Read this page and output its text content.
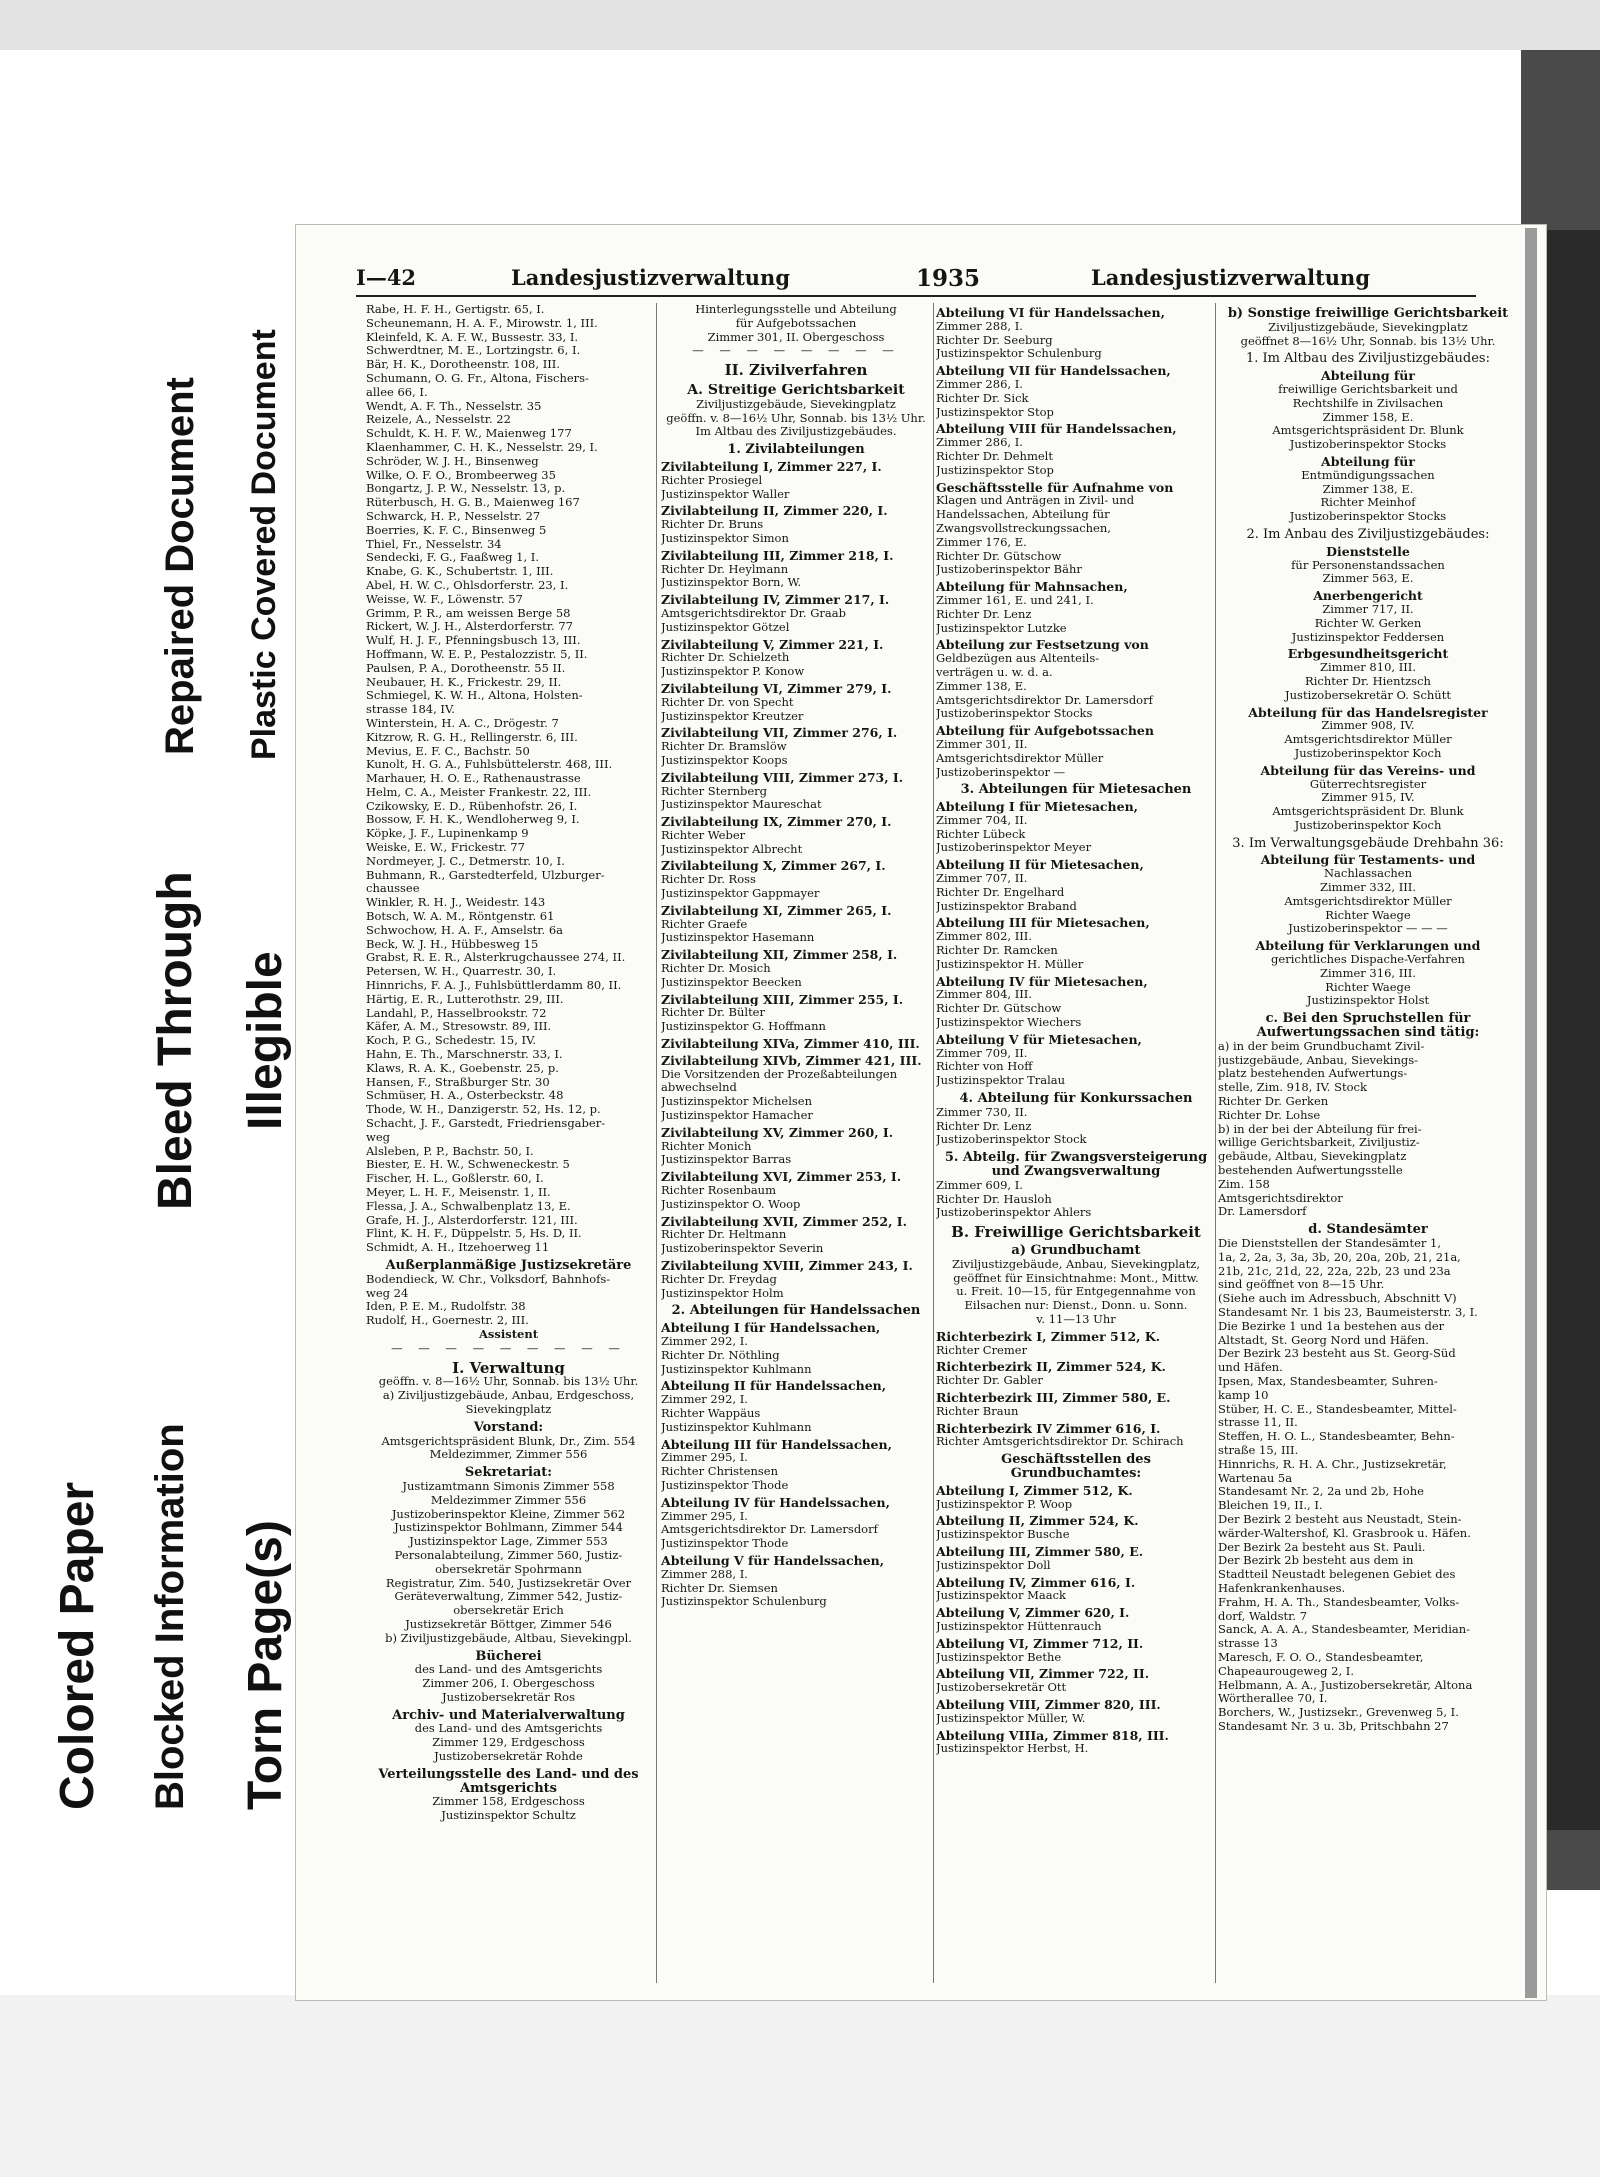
Colored Paper Blocked Information Torn Page(s)
Bleed Through Illegible
Repaired Document Plastic Covered Document
I—42	Landesjustizverwaltung	1935	Landesjustizverwaltung
Rabe, H. F. H., Gertigstr. 65, I.
Scheunemann, H. A. F., Mirowstr. 1, III.
Kleinfeld, K. A. F. W., Bussestr. 33, I.
Schwerdtner, M. E., Lortzingstr. 6, I.
Bär, H. K., Dorotheenstr. 108, III.
Schumann, O. G. Fr., Altona, Fischers-
allee 66, I.
Wendt, A. F. Th., Nesselstr. 35
Reizele, A., Nesselstr. 22
Schuldt, K. H. F. W., Maienweg 177
Klaenhammer, C. H. K., Nesselstr. 29, I.
Schröder, W. J. H., Binsenweg
Wilke, O. F. O., Brombeerweg 35
Bongartz, J. P. W., Nesselstr. 13, p.
Rüterbusch, H. G. B., Maienweg 167
Schwarck, H. P., Nesselstr. 27
Boerries, K. F. C., Binsenweg 5
Thiel, Fr., Nesselstr. 34
Sendecki, F. G., Faaßweg 1, I.
Knabe, G. K., Schubertstr. 1, III.
Abel, H. W. C., Ohlsdorferstr. 23, I.
Weisse, W. F., Löwenstr. 57
Grimm, P. R., am weissen Berge 58
Rickert, W. J. H., Alsterdorferstr. 77
Wulf, H. J. F., Pfenningsbusch 13, III.
Hoffmann, W. E. P., Pestalozzistr. 5, II.
Paulsen, P. A., Dorotheenstr. 55 II.
Neubauer, H. K., Frickestr. 29, II.
Schmiegel, K. W. H., Altona, Holsten-
strasse 184, IV.
Winterstein, H. A. C., Drögestr. 7
Kitzrow, R. G. H., Rellingerstr. 6, III.
Mevius, E. F. C., Bachstr. 50
Kunolt, H. G. A., Fuhlsbüttelerstr. 468, III.
Marhauer, H. O. E., Rathenaustrasse
Helm, C. A., Meister Frankestr. 22, III.
Czikowsky, E. D., Rübenhofstr. 26, I.
Bossow, F. H. K., Wendloherweg 9, I.
Köpke, J. F., Lupinenkamp 9
Weiske, E. W., Frickestr. 77
Nordmeyer, J. C., Detmerstr. 10, I.
Buhmann, R., Garstedterfeld, Ulzburger-
chaussee
Winkler, R. H. J., Weidestr. 143
Botsch, W. A. M., Röntgenstr. 61
Schwochow, H. A. F., Amselstr. 6a
Beck, W. J. H., Hübbesweg 15
Grabst, R. E. R., Alsterkrugchaussee 274, II.
Petersen, W. H., Quarrestr. 30, I.
Hinnrichs, F. A. J., Fuhlsbüttlerdamm 80, II.
Härtig, E. R., Lutterothstr. 29, III.
Landahl, P., Hasselbrookstr. 72
Käfer, A. M., Stresowstr. 89, III.
Koch, P. G., Schedestr. 15, IV.
Hahn, E. Th., Marschnerstr. 33, I.
Klaws, R. A. K., Goebenstr. 25, p.
Hansen, F., Straßburger Str. 30
Schmüser, H. A., Osterbeckstr. 48
Thode, W. H., Danzigerstr. 52, Hs. 12, p.
Schacht, J. F., Garstedt, Friedriensgaber-
weg
Alsleben, P. P., Bachstr. 50, I.
Biester, E. H. W., Schweneckestr. 5
Fischer, H. L., Goßlerstr. 60, I.
Meyer, L. H. F., Meisenstr. 1, II.
Flessa, J. A., Schwalbenplatz 13, E.
Grafe, H. J., Alsterdorferstr. 121, III.
Flint, K. H. F., Düppelstr. 5, Hs. D, II.
Schmidt, A. H., Itzehoerweg 11
Außerplanmäßige Justizsekretäre
Bodendieck, W. Chr., Volksdorf, Bahnhofs-
weg 24
Iden, P. E. M., Rudolfstr. 38
Rudolf, H., Goernestr. 2, III.
Assistent
— — — — — — — — —
I. Verwaltung
geöffn. v. 8—16½ Uhr, Sonnab. bis 13½ Uhr.
a) Ziviljustizgebäude, Anbau, Erdgeschoss,
Sievekingplatz
Vorstand:
Amtsgerichtspräsident Blunk, Dr., Zim. 554
Meldezimmer, Zimmer 556
Sekretariat:
Justizamtmann Simonis Zimmer 558
Meldezimmer Zimmer 556
Justizoberinspektor Kleine, Zimmer 562
Justizinspektor Bohlmann, Zimmer 544
Justizinspektor Lage, Zimmer 553
Personalabteilung, Zimmer 560, Justiz-
obersekretär Spohrmann
Registratur, Zim. 540, Justizsekretär Over
Geräteverwaltung, Zimmer 542, Justiz-
obersekretär Erich
Justizsekretär Böttger, Zimmer 546
b) Ziviljustizgebäude, Altbau, Sievekingpl.
Bücherei
des Land- und des Amtsgerichts
Zimmer 206, I. Obergeschoss
Justizobersekretär Ros
Archiv- und Materialverwaltung
des Land- und des Amtsgerichts
Zimmer 129, Erdgeschoss
Justizobersekretär Rohde
Verteilungsstelle des Land- und des Amtsgerichts
Zimmer 158, Erdgeschoss
Justizinspektor Schultz
Hinterlegungsstelle und Abteilung
für Aufgebotssachen
Zimmer 301, II. Obergeschoss
— — — — — — — —
II. Zivilverfahren
A. Streitige Gerichtsbarkeit
Ziviljustizgebäude, Sievekingplatz
geöffn. v. 8—16½ Uhr, Sonnab. bis 13½ Uhr.
Im Altbau des Ziviljustizgebäudes.
1. Zivilabteilungen
Zivilabteilung I, Zimmer 227, I.
Richter Prosiegel
Justizinspektor Waller
Zivilabteilung II, Zimmer 220, I.
Richter Dr. Bruns
Justizinspektor Simon
Zivilabteilung III, Zimmer 218, I.
Richter Dr. Heylmann
Justizinspektor Born, W.
Zivilabteilung IV, Zimmer 217, I.
Amtsgerichtsdirektor Dr. Graab
Justizinspektor Götzel
Zivilabteilung V, Zimmer 221, I.
Richter Dr. Schielzeth
Justizinspektor P. Konow
Zivilabteilung VI, Zimmer 279, I.
Richter Dr. von Specht
Justizinspektor Kreutzer
Zivilabteilung VII, Zimmer 276, I.
Richter Dr. Bramslöw
Justizinspektor Koops
Zivilabteilung VIII, Zimmer 273, I.
Richter Sternberg
Justizinspektor Maureschat
Zivilabteilung IX, Zimmer 270, I.
Richter Weber
Justizinspektor Albrecht
Zivilabteilung X, Zimmer 267, I.
Richter Dr. Ross
Justizinspektor Gappmayer
Zivilabteilung XI, Zimmer 265, I.
Richter Graefe
Justizinspektor Hasemann
Zivilabteilung XII, Zimmer 258, I.
Richter Dr. Mosich
Justizinspektor Beecken
Zivilabteilung XIII, Zimmer 255, I.
Richter Dr. Bülter
Justizinspektor G. Hoffmann
Zivilabteilung XIVa, Zimmer 410, III.
Zivilabteilung XIVb, Zimmer 421, III.
Die Vorsitzenden der Prozeßabteilungen
abwechselnd
Justizinspektor Michelsen
Justizinspektor Hamacher
Zivilabteilung XV, Zimmer 260, I.
Richter Monich
Justizinspektor Barras
Zivilabteilung XVI, Zimmer 253, I.
Richter Rosenbaum
Justizinspektor O. Woop
Zivilabteilung XVII, Zimmer 252, I.
Richter Dr. Heltmann
Justizoberinspektor Severin
Zivilabteilung XVIII, Zimmer 243, I.
Richter Dr. Freydag
Justizinspektor Holm
2. Abteilungen für Handelssachen
Abteilung I für Handelssachen,
Zimmer 292, I.
Richter Dr. Nöthling
Justizinspektor Kuhlmann
Abteilung II für Handelssachen,
Zimmer 292, I.
Richter Wappäus
Justizinspektor Kuhlmann
Abteilung III für Handelssachen,
Zimmer 295, I.
Richter Christensen
Justizinspektor Thode
Abteilung IV für Handelssachen,
Zimmer 295, I.
Amtsgerichtsdirektor Dr. Lamersdorf
Justizinspektor Thode
Abteilung V für Handelssachen,
Zimmer 288, I.
Richter Dr. Siemsen
Justizinspektor Schulenburg
Abteilung VI für Handelssachen,
Zimmer 288, I.
Richter Dr. Seeburg
Justizinspektor Schulenburg
Abteilung VII für Handelssachen,
Zimmer 286, I.
Richter Dr. Sick
Justizinspektor Stop
Abteilung VIII für Handelssachen,
Zimmer 286, I.
Richter Dr. Dehmelt
Justizinspektor Stop
Geschäftsstelle für Aufnahme von
Klagen und Anträgen in Zivil- und
Handelssachen, Abteilung für
Zwangsvollstreckungssachen,
Zimmer 176, E.
Richter Dr. Gütschow
Justizoberinspektor Bähr
Abteilung für Mahnsachen,
Zimmer 161, E. und 241, I.
Richter Dr. Lenz
Justizinspektor Lutzke
Abteilung zur Festsetzung von
Geldbezügen aus Altenteils-
verträgen u. w. d. a.
Zimmer 138, E.
Amtsgerichtsdirektor Dr. Lamersdorf
Justizoberinspektor Stocks
Abteilung für Aufgebotssachen
Zimmer 301, II.
Amtsgerichtsdirektor Müller
Justizoberinspektor —
3. Abteilungen für Mietesachen
Abteilung I für Mietesachen,
Zimmer 704, II.
Richter Lübeck
Justizoberinspektor Meyer
Abteilung II für Mietesachen,
Zimmer 707, II.
Richter Dr. Engelhard
Justizinspektor Braband
Abteilung III für Mietesachen,
Zimmer 802, III.
Richter Dr. Ramcken
Justizinspektor H. Müller
Abteilung IV für Mietesachen,
Zimmer 804, III.
Richter Dr. Gütschow
Justizinspektor Wiechers
Abteilung V für Mietesachen,
Zimmer 709, II.
Richter von Hoff
Justizinspektor Tralau
4. Abteilung für Konkurssachen
Zimmer 730, II.
Richter Dr. Lenz
Justizoberinspektor Stock
5. Abteilg. für Zwangsversteigerung und Zwangsverwaltung
Zimmer 609, I.
Richter Dr. Hausloh
Justizoberinspektor Ahlers
B. Freiwillige Gerichtsbarkeit
a) Grundbuchamt
Ziviljustizgebäude, Anbau, Sievekingplatz,
geöffnet für Einsichtnahme: Mont., Mittw.
u. Freit. 10—15, für Entgegennahme von
Eilsachen nur: Dienst., Donn. u. Sonn.
v. 11—13 Uhr
Richterbezirk I, Zimmer 512, K.
Richter Cremer
Richterbezirk II, Zimmer 524, K.
Richter Dr. Gabler
Richterbezirk III, Zimmer 580, E.
Richter Braun
Richterbezirk IV Zimmer 616, I.
Richter Amtsgerichtsdirektor Dr. Schirach
Geschäftsstellen des Grundbuchamtes:
Abteilung I, Zimmer 512, K.
Justizinspektor P. Woop
Abteilung II, Zimmer 524, K.
Justizinspektor Busche
Abteilung III, Zimmer 580, E.
Justizinspektor Doll
Abteilung IV, Zimmer 616, I.
Justizinspektor Maack
Abteilung V, Zimmer 620, I.
Justizinspektor Hüttenrauch
Abteilung VI, Zimmer 712, II.
Justizinspektor Bethe
Abteilung VII, Zimmer 722, II.
Justizobersekretär Ott
Abteilung VIII, Zimmer 820, III.
Justizinspektor Müller, W.
Abteilung VIIIa, Zimmer 818, III.
Justizinspektor Herbst, H.
b) Sonstige freiwillige Gerichtsbarkeit
Ziviljustizgebäude, Sievekingplatz
geöffnet 8—16½ Uhr, Sonnab. bis 13½ Uhr.
1. Im Altbau des Ziviljustizgebäudes:
Abteilung für
freiwillige Gerichtsbarkeit und
Rechtshilfe in Zivilsachen
Zimmer 158, E.
Amtsgerichtspräsident Dr. Blunk
Justizoberinspektor Stocks
Abteilung für
Entmündigungssachen
Zimmer 138, E.
Richter Meinhof
Justizoberinspektor Stocks
2. Im Anbau des Ziviljustizgebäudes:
Dienststelle
für Personenstandssachen
Zimmer 563, E.
Anerbengericht
Zimmer 717, II.
Richter W. Gerken
Justizinspektor Feddersen
Erbgesundheitsgericht
Zimmer 810, III.
Richter Dr. Hientzsch
Justizobersekretär O. Schütt
Abteilung für das Handelsregister
Zimmer 908, IV.
Amtsgerichtsdirektor Müller
Justizoberinspektor Koch
Abteilung für das Vereins- und
Güterrechtsregister
Zimmer 915, IV.
Amtsgerichtspräsident Dr. Blunk
Justizoberinspektor Koch
3. Im Verwaltungsgebäude Drehbahn 36:
Abteilung für Testaments- und
Nachlassachen
Zimmer 332, III.
Amtsgerichtsdirektor Müller
Richter Waege
Justizoberinspektor — — —
Abteilung für Verklarungen und
gerichtliches Dispache-Verfahren
Zimmer 316, III.
Richter Waege
Justizinspektor Holst
c. Bei den Spruchstellen für Aufwertungssachen sind tätig:
a) in der beim Grundbuchamt Zivil-
justizgebäude, Anbau, Sievekings-
platz bestehenden Aufwertungs-
stelle, Zim. 918, IV. Stock
Richter Dr. Gerken
Richter Dr. Lohse
b) in der bei der Abteilung für frei-
willige Gerichtsbarkeit, Ziviljustiz-
gebäude, Altbau, Sievekingplatz
bestehenden Aufwertungsstelle
Zim. 158
Amtsgerichtsdirektor
Dr. Lamersdorf
d. Standesämter
Die Dienststellen der Standesämter 1,
1a, 2, 2a, 3, 3a, 3b, 20, 20a, 20b, 21, 21a,
21b, 21c, 21d, 22, 22a, 22b, 23 und 23a
sind geöffnet von 8—15 Uhr.
(Siehe auch im Adressbuch, Abschnitt V)
Standesamt Nr. 1 bis 23, Baumeisterstr. 3, I.
Die Bezirke 1 und 1a bestehen aus der
Altstadt, St. Georg Nord und Häfen.
Der Bezirk 23 besteht aus St. Georg-Süd
und Häfen.
Ipsen, Max, Standesbeamter, Suhren-
kamp 10
Stüber, H. C. E., Standesbeamter, Mittel-
strasse 11, II.
Steffen, H. O. L., Standesbeamter, Behn-
straße 15, III.
Hinnrichs, R. H. A. Chr., Justizsekretär,
Wartenau 5a
Standesamt Nr. 2, 2a und 2b, Hohe
Bleichen 19, II., I.
Der Bezirk 2 besteht aus Neustadt, Stein-
wärder-Waltershof, Kl. Grasbrook u. Häfen.
Der Bezirk 2a besteht aus St. Pauli.
Der Bezirk 2b besteht aus dem in
Stadtteil Neustadt belegenen Gebiet des
Hafenkrankenhauses.
Frahm, H. A. Th., Standesbeamter, Volks-
dorf, Waldstr. 7
Sanck, A. A. A., Standesbeamter, Meridian-
strasse 13
Maresch, F. O. O., Standesbeamter,
Chapeaurougeweg 2, I.
Helbmann, A. A., Justizobersekretär, Altona
Wörtherallee 70, I.
Borchers, W., Justizsekr., Grevenweg 5, I.
Standesamt Nr. 3 u. 3b, Pritschbahn 27
